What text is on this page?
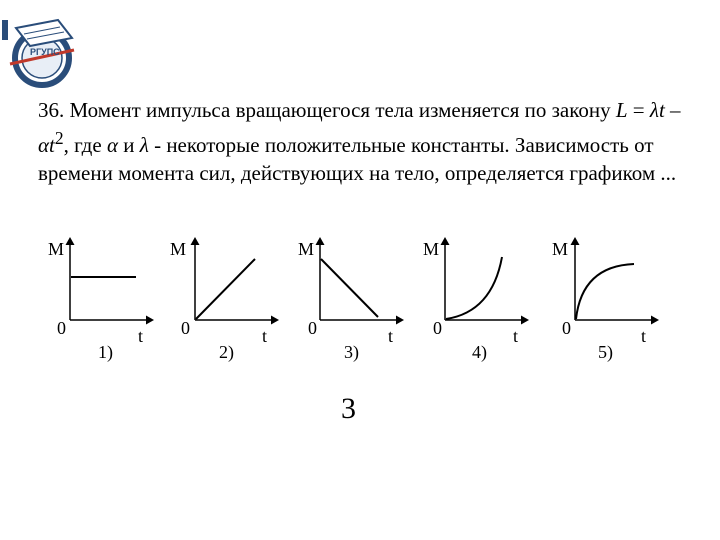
РГУПС

36. Момент импульса вращающегося тела изменяется по закону $L = \lambda t - \alpha t^2$, где α и λ - некоторые положительные константы. Зависимость от времени момента сил, действующих на тело, определяется графиком ...

M
t
0
1)
M
t
0
2)
M
t
0
3)
M
t
0
4)
M
t
0
5)
3
